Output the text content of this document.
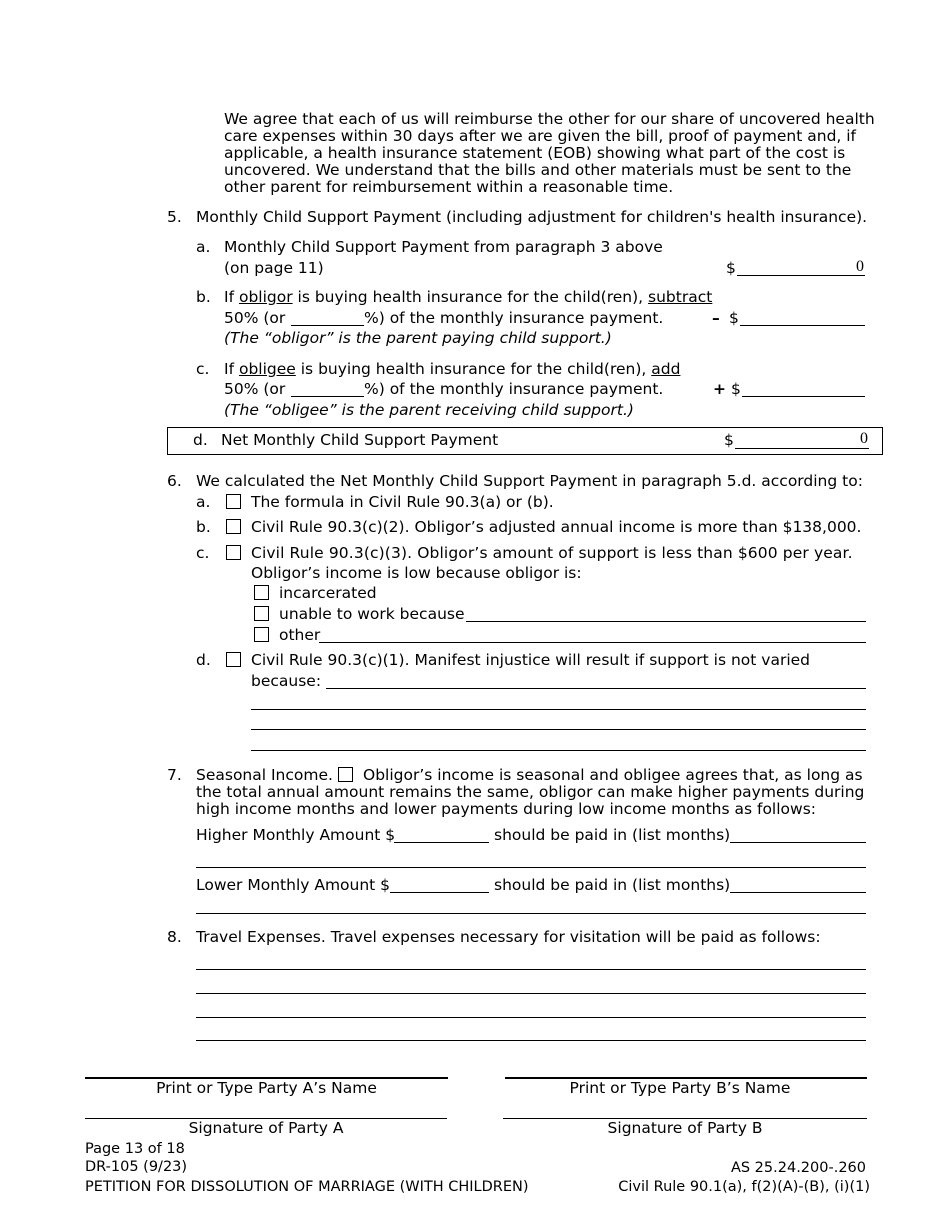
We agree that each of us will reimburse the other for our share of uncovered health
care expenses within 30 days after we are given the bill, proof of payment and, if
applicable, a health insurance statement (EOB) showing what part of the cost is
uncovered. We understand that the bills and other materials must be sent to the
other parent for reimbursement within a reasonable time.
5. Monthly Child Support Payment (including adjustment for children's health insurance).
a. Monthly Child Support Payment from paragraph 3 above
(on page 11)	$	0
b. If obligor is buying health insurance for the child(ren), subtract
50% (or	%) of the monthly insurance payment.	– $
(The “obligor” is the parent paying child support.)
c. If obligee is buying health insurance for the child(ren), add
50% (or	%) of the monthly insurance payment.	+ $
(The “obligee” is the parent receiving child support.)
d. Net Monthly Child Support Payment	$	0
6. We calculated the Net Monthly Child Support Payment in paragraph 5.d. according to:
a.	The formula in Civil Rule 90.3(a) or (b).
b.	Civil Rule 90.3(c)(2). Obligor’s adjusted annual income is more than $138,000.
c.	Civil Rule 90.3(c)(3). Obligor’s amount of support is less than $600 per year.
Obligor’s income is low because obligor is:
incarcerated
unable to work because
other
d.	Civil Rule 90.3(c)(1). Manifest injustice will result if support is not varied
because:
7. Seasonal Income. Obligor’s income is seasonal and obligee agrees that, as long as
the total annual amount remains the same, obligor can make higher payments during
high income months and lower payments during low income months as follows:
Higher Monthly Amount $	should be paid in (list months)
Lower Monthly Amount $	should be paid in (list months)
8. Travel Expenses. Travel expenses necessary for visitation will be paid as follows:
Print or Type Party A’s Name	Print or Type Party B’s Name
Signature of Party A	Signature of Party B
Page 13 of 18
DR-105 (9/23)
PETITION FOR DISSOLUTION OF MARRIAGE (WITH CHILDREN)
AS 25.24.200-.260
Civil Rule 90.1(a), f(2)(A)-(B), (i)(1)
